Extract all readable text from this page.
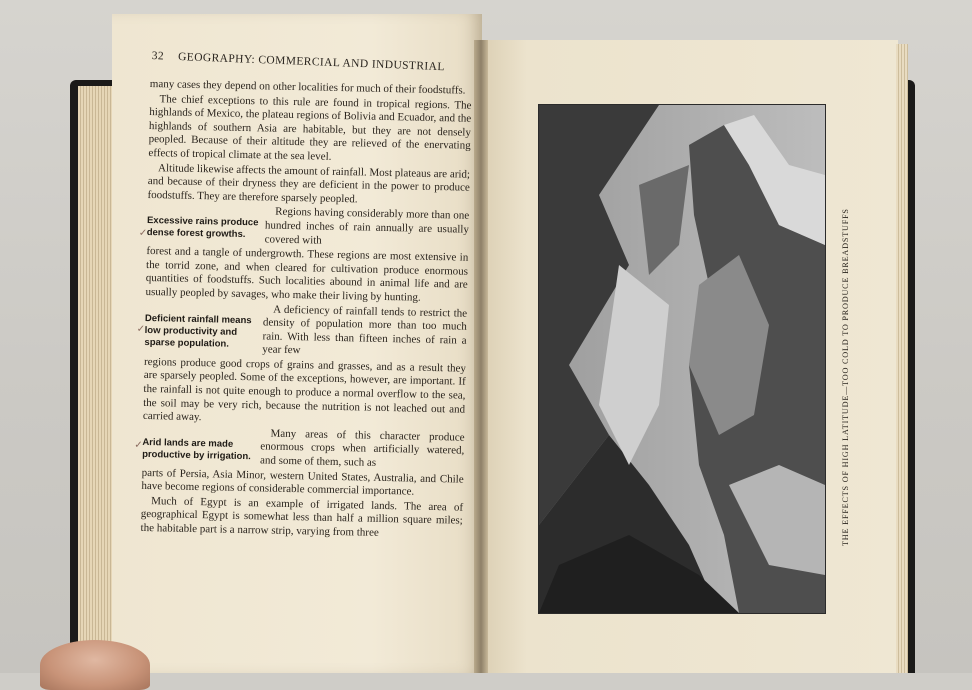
32 GEOGRAPHY: COMMERCIAL AND INDUSTRIAL

many cases they depend on other localities for much of their foodstuffs.

The chief exceptions to this rule are found in tropical regions. The highlands of Mexico, the plateau regions of Bolivia and Ecuador, and the highlands of southern Asia are habitable, but they are not densely peopled. Because of their altitude they are relieved of the enervating effects of tropical climate at the sea level.

Altitude likewise affects the amount of rainfall. Most plateaus are arid; and because of their dryness they are deficient in the power to produce foodstuffs. They are therefore sparsely peopled.

✓
Excessive rains produce dense forest growths.
Regions having considerably more than one hundred inches of rain annually are usually covered with

forest and a tangle of undergrowth. These regions are most extensive in the torrid zone, and when cleared for cultivation produce enormous quantities of foodstuffs. Such localities abound in animal life and are usually peopled by savages, who make their living by hunting.

✓
Deficient rainfall means low productivity and sparse population.
A deficiency of rainfall tends to restrict the density of population more than too much rain. With less than fifteen inches of rain a year few

regions produce good crops of grains and grasses, and as a result they are sparsely peopled. Some of the exceptions, however, are important. If the rainfall is not quite enough to produce a normal overflow to the sea, the soil may be very rich, because the nutrition is not leached out and carried away.

✓ Arid lands are made productive by irrigation.
Many areas of this character produce enormous crops when artificially watered, and some of them, such as

parts of Persia, Asia Minor, western United States, Australia, and Chile have become regions of considerable commercial importance.

Much of Egypt is an example of irrigated lands. The area of geographical Egypt is somewhat less than half a million square miles; the habitable part is a narrow strip, varying from three	THE EFFECTS OF HIGH LATITUDE—TOO COLD TO PRODUCE BREADSTUFFS
